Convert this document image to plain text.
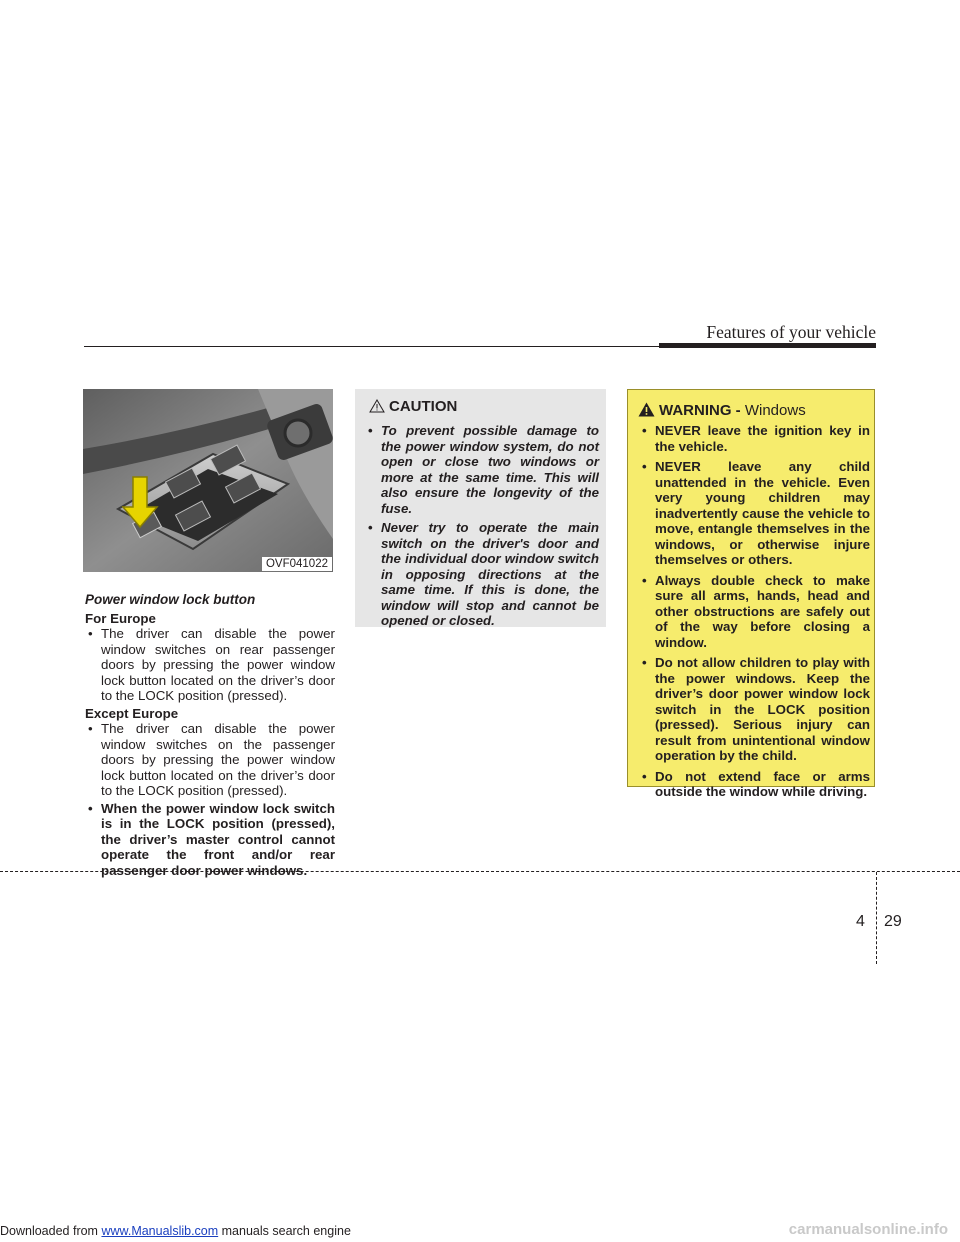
Downloaded from www.Manualslib.com manuals search engine	carmanualsonline.info
Features of your vehicle
OVF041022
Power window lock button
For Europe
• The driver can disable the power window switches on rear passenger doors by pressing the power window lock button located on the driver’s door to the LOCK position (pressed).
Except Europe
• The driver can disable the power window switches on the passenger doors by pressing the power window lock button located on the driver’s door to the LOCK position (pressed).
• When the power window lock switch is in the LOCK position (pressed), the driver’s master control cannot operate the front and/or rear passenger door power windows.
CAUTION
• To prevent possible damage to the power window system, do not open or close two windows or more at the same time. This will also ensure the longevity of the fuse.
• Never try to operate the main switch on the driver's door and the individual door window switch in opposing directions at the same time. If this is done, the window will stop and cannot be opened or closed.
WARNING - Windows
• NEVER leave the ignition key in the vehicle.
• NEVER leave any child unattended in the vehicle. Even very young children may inadvertently cause the vehicle to move, entangle themselves in the windows, or otherwise injure themselves or others.
• Always double check to make sure all arms, hands, head and other obstructions are safely out of the way before closing a window.
• Do not allow children to play with the power windows. Keep the driver’s door power window lock switch in the LOCK position (pressed). Serious injury can result from unintentional window operation by the child.
• Do not extend face or arms outside the window while driving.
4 29
